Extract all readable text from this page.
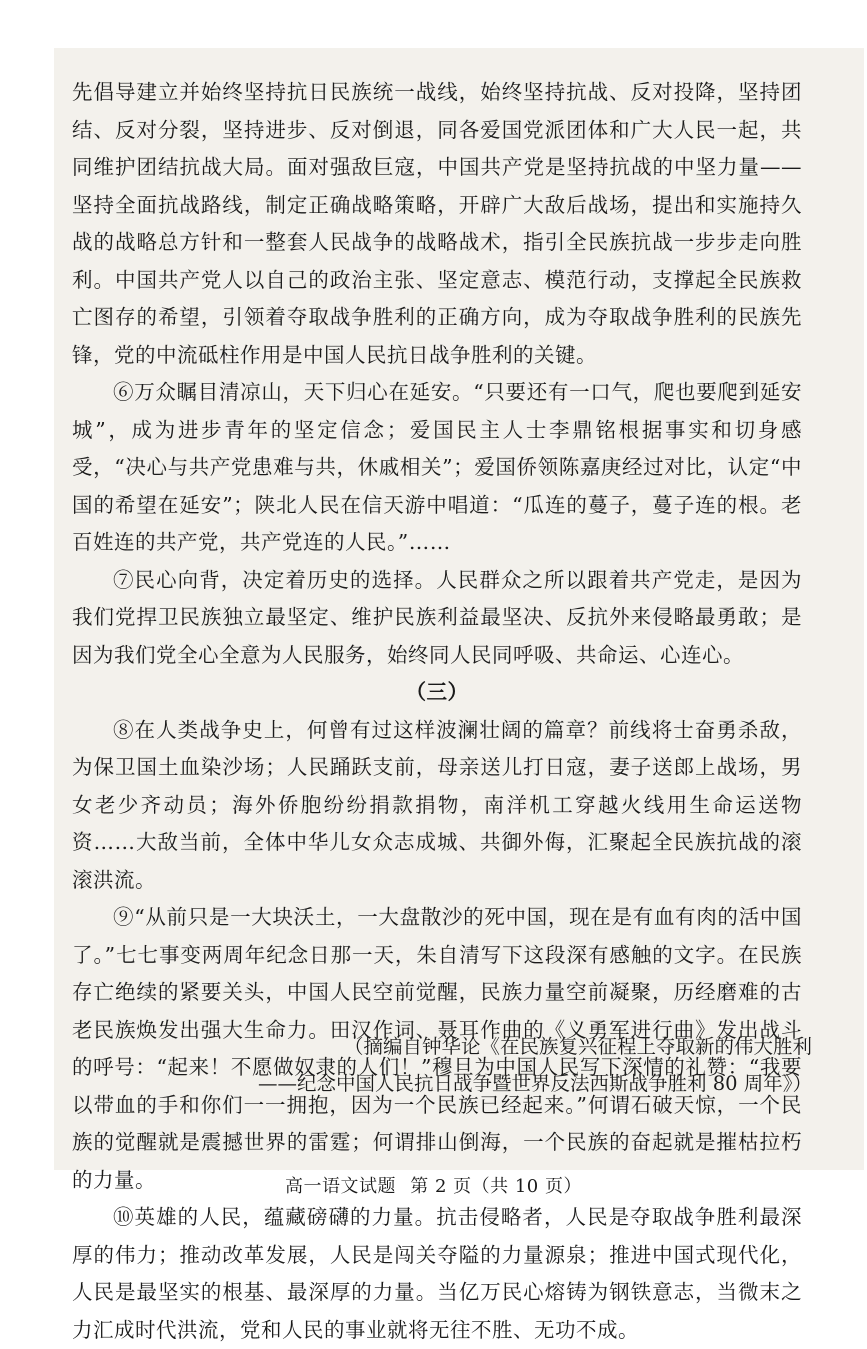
先倡导建立并始终坚持抗日民族统一战线，始终坚持抗战、反对投降，坚持团结、反对分裂，坚持进步、反对倒退，同各爱国党派团体和广大人民一起，共同维护团结抗战大局。面对强敌巨寇，中国共产党是坚持抗战的中坚力量——坚持全面抗战路线，制定正确战略策略，开辟广大敌后战场，提出和实施持久战的战略总方针和一整套人民战争的战略战术，指引全民族抗战一步步走向胜利。中国共产党人以自己的政治主张、坚定意志、模范行动，支撑起全民族救亡图存的希望，引领着夺取战争胜利的正确方向，成为夺取战争胜利的民族先锋，党的中流砥柱作用是中国人民抗日战争胜利的关键。

⑥万众瞩目清凉山，天下归心在延安。“只要还有一口气，爬也要爬到延安城”，成为进步青年的坚定信念；爱国民主人士李鼎铭根据事实和切身感受，“决心与共产党患难与共，休戚相关”；爱国侨领陈嘉庚经过对比，认定“中国的希望在延安”；陕北人民在信天游中唱道：“瓜连的蔓子，蔓子连的根。老百姓连的共产党，共产党连的人民。”……

⑦民心向背，决定着历史的选择。人民群众之所以跟着共产党走，是因为我们党捍卫民族独立最坚定、维护民族利益最坚决、反抗外来侵略最勇敢；是因为我们党全心全意为人民服务，始终同人民同呼吸、共命运、心连心。

（三）

⑧在人类战争史上，何曾有过这样波澜壮阔的篇章？前线将士奋勇杀敌，为保卫国土血染沙场；人民踊跃支前，母亲送儿打日寇，妻子送郎上战场，男女老少齐动员；海外侨胞纷纷捐款捐物，南洋机工穿越火线用生命运送物资……大敌当前，全体中华儿女众志成城、共御外侮，汇聚起全民族抗战的滚滚洪流。

⑨“从前只是一大块沃土，一大盘散沙的死中国，现在是有血有肉的活中国了。”七七事变两周年纪念日那一天，朱自清写下这段深有感触的文字。在民族存亡绝续的紧要关头，中国人民空前觉醒，民族力量空前凝聚，历经磨难的古老民族焕发出强大生命力。田汉作词、聂耳作曲的《义勇军进行曲》发出战斗的呼号：“起来！不愿做奴隶的人们！”穆旦为中国人民写下深情的礼赞：“我要以带血的手和你们一一拥抱，因为一个民族已经起来。”何谓石破天惊，一个民族的觉醒就是震撼世界的雷霆；何谓排山倒海，一个民族的奋起就是摧枯拉朽的力量。

⑩英雄的人民，蕴藏磅礴的力量。抗击侵略者，人民是夺取战争胜利最深厚的伟力；推动改革发展，人民是闯关夺隘的力量源泉；推进中国式现代化，人民是最坚实的根基、最深厚的力量。当亿万民心熔铸为钢铁意志，当微末之力汇成时代洪流，党和人民的事业就将无往不胜、无功不成。

（摘编自钟华论《在民族复兴征程上夺取新的伟大胜利
——纪念中国人民抗日战争暨世界反法西斯战争胜利 80 周年》）
高一语文试题 第 2 页（共 10 页）
